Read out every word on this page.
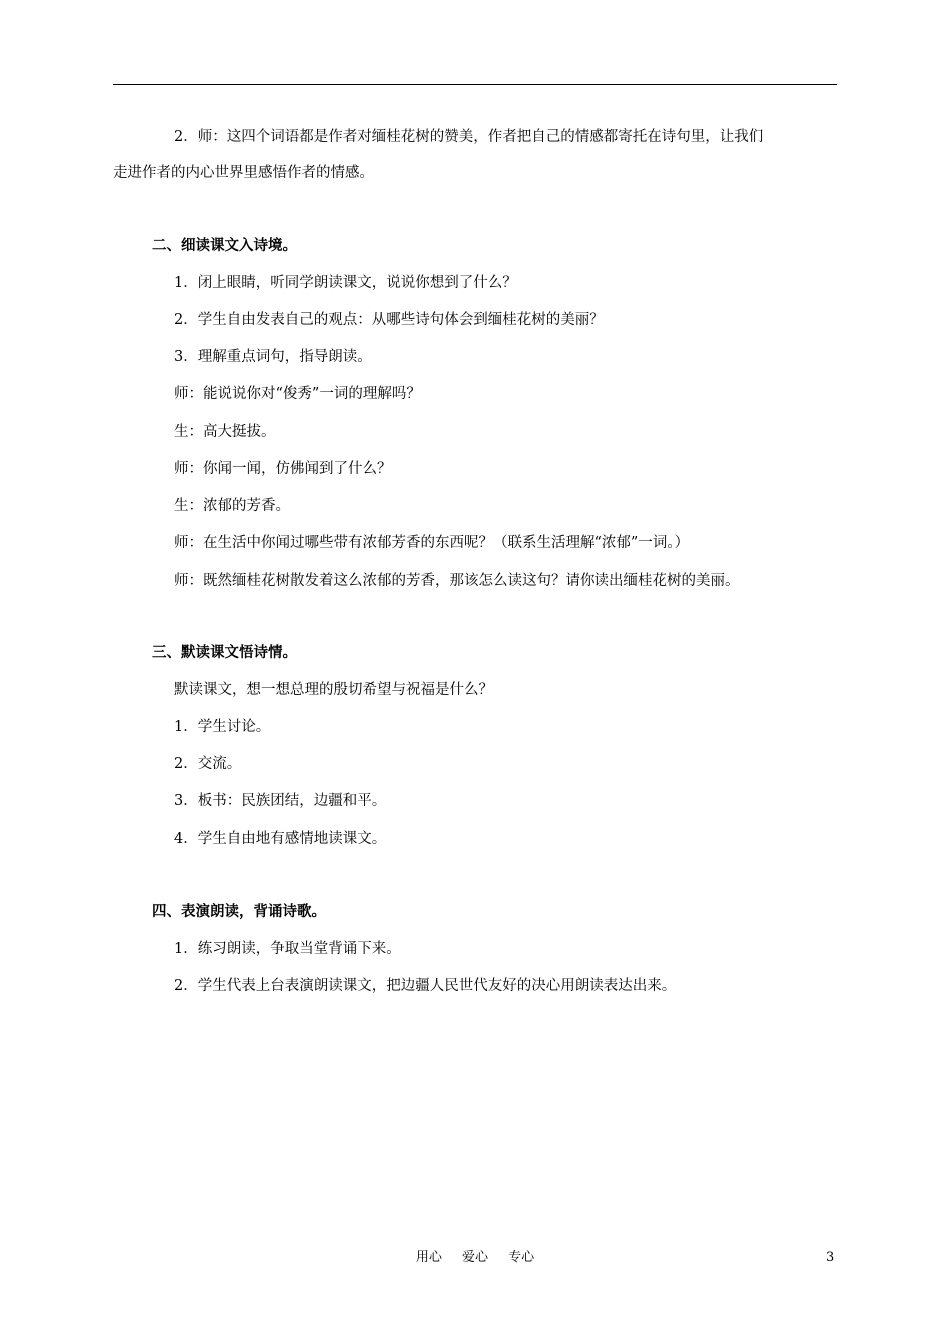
2．师：这四个词语都是作者对缅桂花树的赞美，作者把自己的情感都寄托在诗句里，让我们
走进作者的内心世界里感悟作者的情感。
二、细读课文入诗境。
1．闭上眼睛，听同学朗读课文，说说你想到了什么？
2．学生自由发表自己的观点：从哪些诗句体会到缅桂花树的美丽？
3．理解重点词句，指导朗读。
师：能说说你对“俊秀”一词的理解吗？
生：高大挺拔。
师：你闻一闻，仿佛闻到了什么？
生：浓郁的芳香。
师：在生活中你闻过哪些带有浓郁芳香的东西呢？（联系生活理解“浓郁”一词。）
师：既然缅桂花树散发着这么浓郁的芳香，那该怎么读这句？请你读出缅桂花树的美丽。
三、默读课文悟诗情。
默读课文，想一想总理的殷切希望与祝福是什么？
1．学生讨论。
2．交流。
3．板书：民族团结，边疆和平。
4．学生自由地有感情地读课文。
四、表演朗读，背诵诗歌。
1．练习朗读，争取当堂背诵下来。
2．学生代表上台表演朗读课文，把边疆人民世代友好的决心用朗读表达出来。
用心 爱心 专心	3
